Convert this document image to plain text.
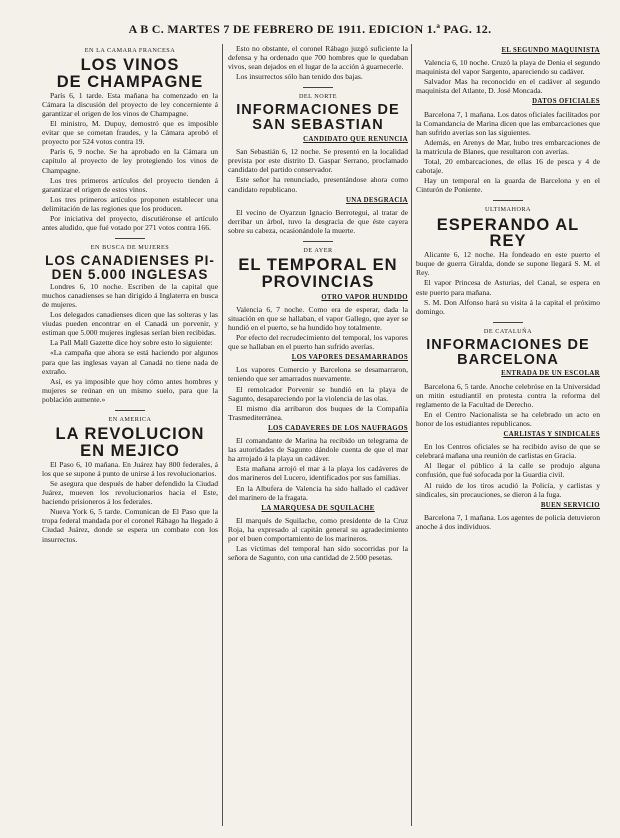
A B C. MARTES 7 DE FEBRERO DE 1911. EDICION 1.ª PAG. 12.
EN LA CAMARA FRANCESA
LOS VINOS
DE CHAMPAGNE
París 6, 1 tarde. Esta mañana ha comenzado en la Cámara la discusión del proyecto de ley concerniente á garantizar el origen de los vinos de Champagne.
El ministro, M. Dupuy, demostró que es imposible evitar que se cometan fraudes, y la Cámara aprobó el proyecto por 524 votos contra 19.
París 6, 9 noche. Se ha aprobado en la Cámara un capítulo al proyecto de ley protegiendo los vinos de Champagne.
Los tres primeros artículos del proyecto tienden á garantizar el origen de estos vinos.
Los tres primeros artículos proponen establecer una delimitación de las regiones que los producen.
Por iniciativa del proyecto, discutiéronse el artículo antes aludido, que fué votado por 271 votos contra 166.
EN BUSCA DE MUJERES
LOS CANADIENSES PI-
DEN 5.000 INGLESAS
Londres 6, 10 noche. Escriben de la capital que muchos canadienses se han dirigido á Inglaterra en busca de mujeres.
Los delegados canadienses dicen que las solteras y las viudas pueden encontrar en el Canadá un porvenir, y estiman que 5.000 mujeres inglesas serían bien recibidas.
La Pall Mall Gazette dice hoy sobre esto lo siguiente:
«La campaña que ahora se está haciendo por algunos para que las inglesas vayan al Canadá no tiene nada de extraño.
Así, es ya imposible que hoy cómo antes hombres y mujeres se reúnan en un mismo suelo, para que la población aumente.»
EN AMERICA
LA REVOLUCION EN MEJICO
El Paso 6, 10 mañana. En Juárez hay 800 federales, á los que se supone á punto de unirse á los revolucionarios.
Se asegura que después de haber defendido la Ciudad Juárez, mueven los revolucionarios hacia el Este, haciendo prisioneros á los federales.
Nueva York 6, 5 tarde. Comunican de El Paso que la tropa federal mandada por el coronel Rábago ha llegado á Ciudad Juárez, donde se espera un combate con los insurrectos.
Esto no obstante, el coronel Rábago juzgó suficiente la defensa y ha ordenado que 700 hombres que le quedaban vivos, sean dejados en el lugar de la acción á guarnecerle.
Los insurrectos sólo han tenido dos bajas.
DEL NORTE
INFORMACIONES DE SAN SEBASTIAN
CANDIDATO QUE RENUNCIA
San Sebastián 6, 12 noche. Se presentó en la localidad prevista por este distrito D. Gaspar Serrano, proclamado candidato del partido conservador.
Este señor ha renunciado, presentándose ahora como candidato republicano.
UNA DESGRACIA
El vecino de Oyarzun Ignacio Berrotegui, al tratar de derribar un árbol, tuvo la desgracia de que éste cayera sobre su cabeza, ocasionándole la muerte.
DE AYER
EL TEMPORAL EN PROVINCIAS
OTRO VAPOR HUNDIDO
Valencia 6, 7 noche. Como era de esperar, dada la situación en que se hallaban, el vapor Gallego, que ayer se hundió en el puerto, se ha hundido hoy totalmente.
Por efecto del recrudecimiento del temporal, los vapores que se hallaban en el puerto han sufrido averías.
LOS VAPORES DESAMARRADOS
Los vapores Comercio y Barcelona se desamarraron, teniendo que ser amarrados nuevamente.
El remolcador Porvenir se hundió en la playa de Sagunto, desapareciendo por la violencia de las olas.
El mismo día arribaron dos buques de la Compañía Trasmediterránea.
LOS CADAVERES DE LOS NAUFRAGOS
El comandante de Marina ha recibido un telegrama de las autoridades de Sagunto dándole cuenta de que el mar ha arrojado á la playa un cadáver.
Esta mañana arrojó el mar á la playa los cadáveres de dos marineros del Lucero, identificados por sus familias.
En la Albufera de Valencia ha sido hallado el cadáver del marinero de la fragata.
LA MARQUESA DE SQUILACHE
El marqués de Squilache, como presidente de la Cruz Roja, ha expresado al capitán general su agradecimiento por el buen comportamiento de los marineros.
Las víctimas del temporal han sido socorridas por la señora de Sagunto, con una cantidad de 2.500 pesetas.
EL SEGUNDO MAQUINISTA
Valencia 6, 10 noche. Cruzó la playa de Denia el segundo maquinista del vapor Sargento, apareciendo su cadáver.
Salvador Mas ha reconocido en el cadáver al segundo maquinista del Atlante, D. José Moncada.
DATOS OFICIALES
Barcelona 7, 1 mañana. Los datos oficiales facilitados por la Comandancia de Marina dicen que las embarcaciones que han sufrido averías son las siguientes.
Además, en Arenys de Mar, hubo tres embarcaciones de la matrícula de Blanes, que resultaron con averías.
Total, 20 embarcaciones, de ellas 16 de pesca y 4 de cabotaje.
Hay un temporal en la guarda de Barcelona y en el Cinturón de Poniente.
ULTIMAHORA
ESPERANDO AL REY
Alicante 6, 12 noche. Ha fondeado en este puerto el buque de guerra Giralda, donde se supone llegará S. M. el Rey.
El vapor Princesa de Asturias, del Canal, se espera en este puerto para mañana.
S. M. Don Alfonso hará su visita á la capital el próximo domingo.
DE CATALUÑA
INFORMACIONES DE BARCELONA
ENTRADA DE UN ESCOLAR
Barcelona 6, 5 tarde. Anoche celebróse en la Universidad un mitin estudiantil en protesta contra la reforma del reglamento de la Facultad de Derecho.
En el Centro Nacionalista se ha celebrado un acto en honor de los estudiantes republicanos.
CARLISTAS Y SINDICALES
En los Centros oficiales se ha recibido aviso de que se celebrará mañana una reunión de carlistas en Gracia.
Al llegar el público á la calle se produjo alguna confusión, que fué sofocada por la Guardia civil.
Al ruido de los tiros acudió la Policía, y carlistas y sindicales, sin precauciones, se dieron á la fuga.
BUEN SERVICIO
Barcelona 7, 1 mañana. Los agentes de policía detuvieron anoche á dos individuos.
